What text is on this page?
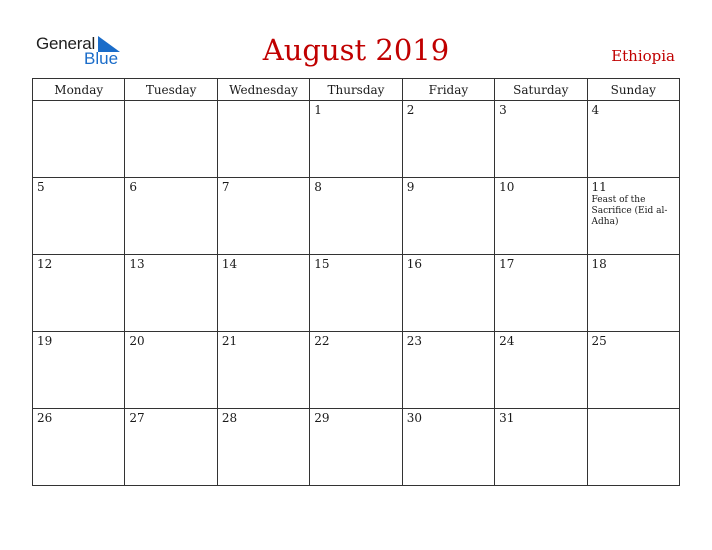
General
Blue	August 2019	Ethiopia
Monday	Tuesday	Wednesday	Thursday	Friday	Saturday	Sunday

			1	2	3	4

5	6	7	8	9	10	11
Feast of the Sacrifice (Eid al-Adha)

12	13	14	15	16	17	18

19	20	21	22	23	24	25

26	27	28	29	30	31	
